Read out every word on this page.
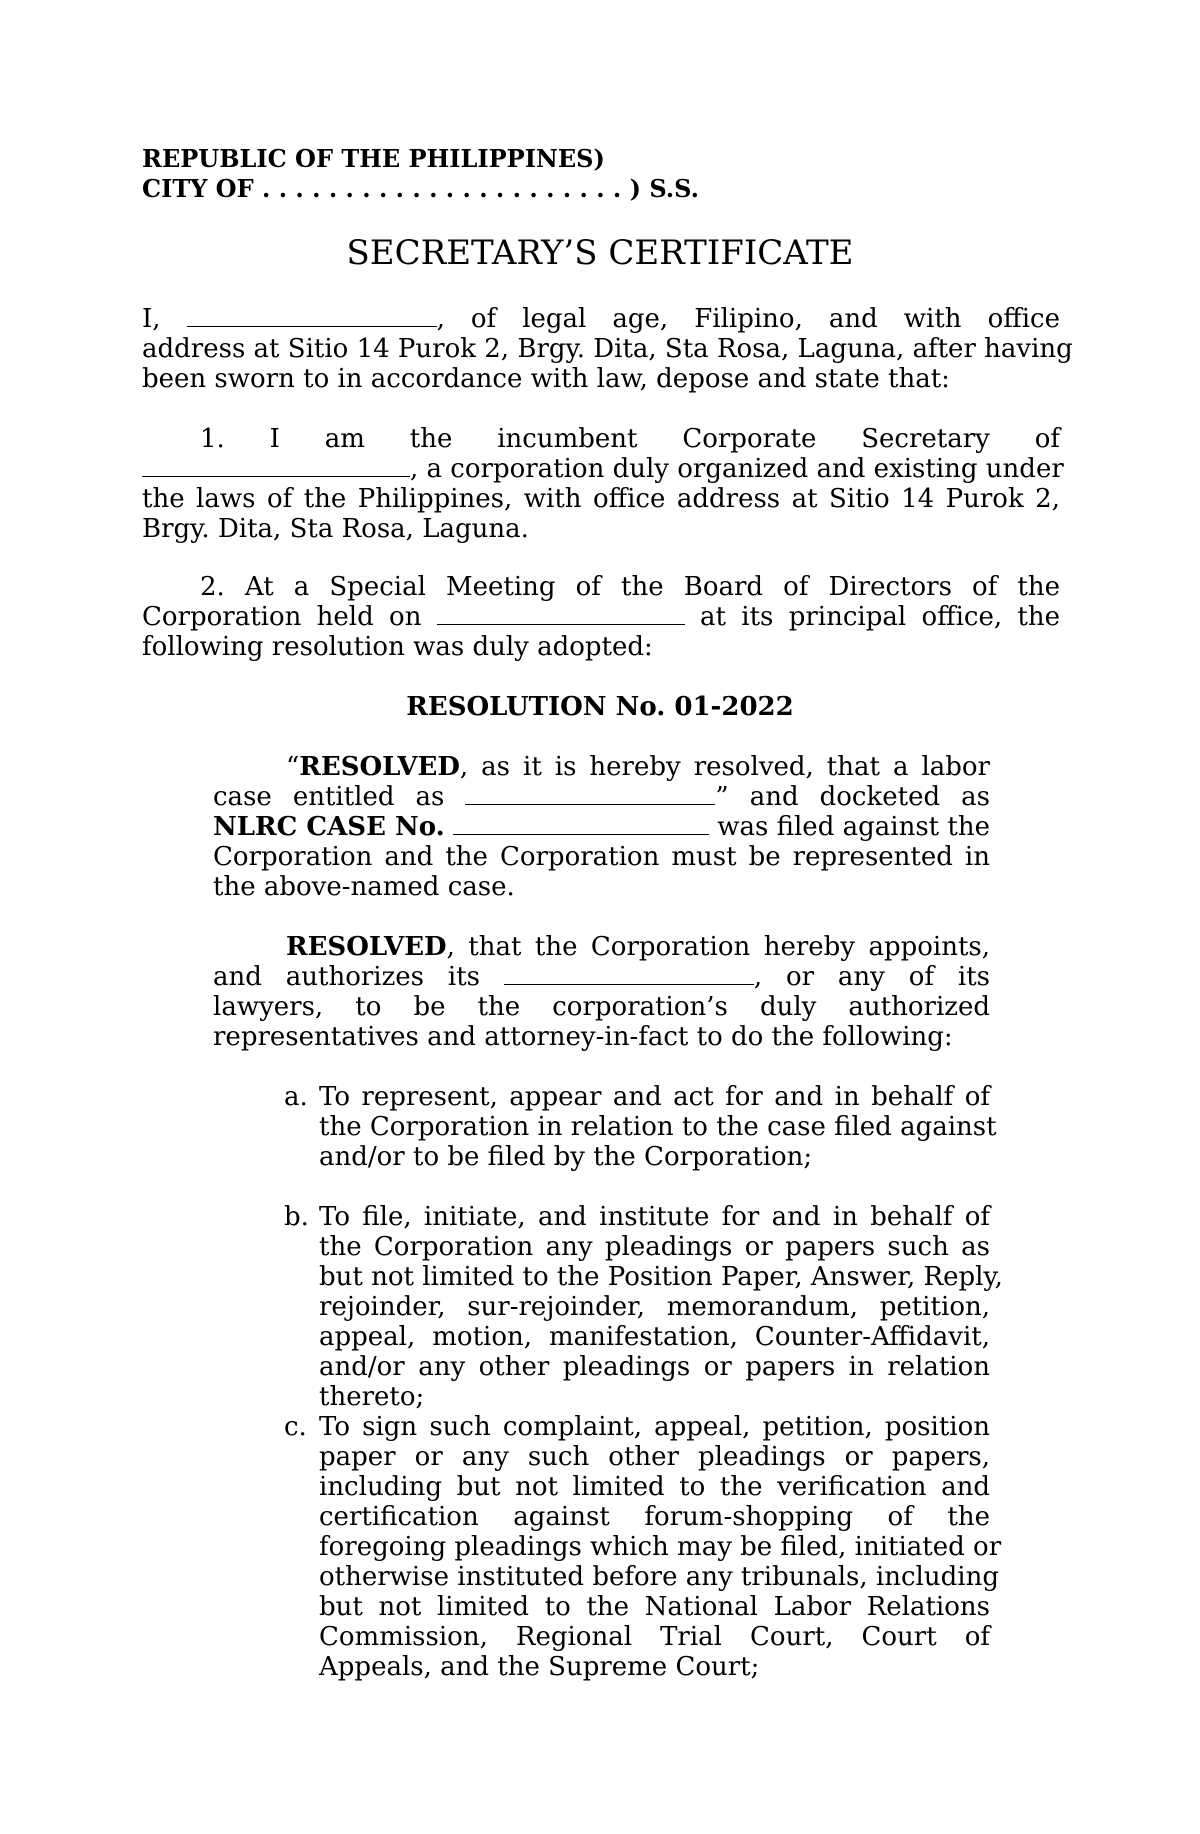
REPUBLIC OF THE PHILIPPINES)
CITY OF . . . . . . . . . . . . . . . . . . . . . . ) S.S.
SECRETARY’S CERTIFICATE
I,	, of legal age, Filipino, and with office
address at Sitio 14 Purok 2, Brgy. Dita, Sta Rosa, Laguna, after having
been sworn to in accordance with law, depose and state that:
1. I am the incumbent Corporate Secretary of
, a corporation duly organized and existing under
the laws of the Philippines, with office address at Sitio 14 Purok 2,
Brgy. Dita, Sta Rosa, Laguna.
2. At a Special Meeting of the Board of Directors of the
Corporation held on	at its principal office, the
following resolution was duly adopted:
RESOLUTION No. 01-2022
“RESOLVED, as it is hereby resolved, that a labor
case entitled as	” and docketed as
NLRC CASE No.	was filed against the
Corporation and the Corporation must be represented in
the above-named case.
RESOLVED, that the Corporation hereby appoints,
and authorizes its	, or any of its
lawyers, to be the corporation’s duly authorized
representatives and attorney-in-fact to do the following:
a. To represent, appear and act for and in behalf of
the Corporation in relation to the case filed against
and/or to be filed by the Corporation;
b. To file, initiate, and institute for and in behalf of
the Corporation any pleadings or papers such as
but not limited to the Position Paper, Answer, Reply,
rejoinder, sur-rejoinder, memorandum, petition,
appeal, motion, manifestation, Counter-Affidavit,
and/or any other pleadings or papers in relation
thereto;
c. To sign such complaint, appeal, petition, position
paper or any such other pleadings or papers,
including but not limited to the verification and
certification against forum-shopping of the
foregoing pleadings which may be filed, initiated or
otherwise instituted before any tribunals, including
but not limited to the National Labor Relations
Commission, Regional Trial Court, Court of
Appeals, and the Supreme Court;
